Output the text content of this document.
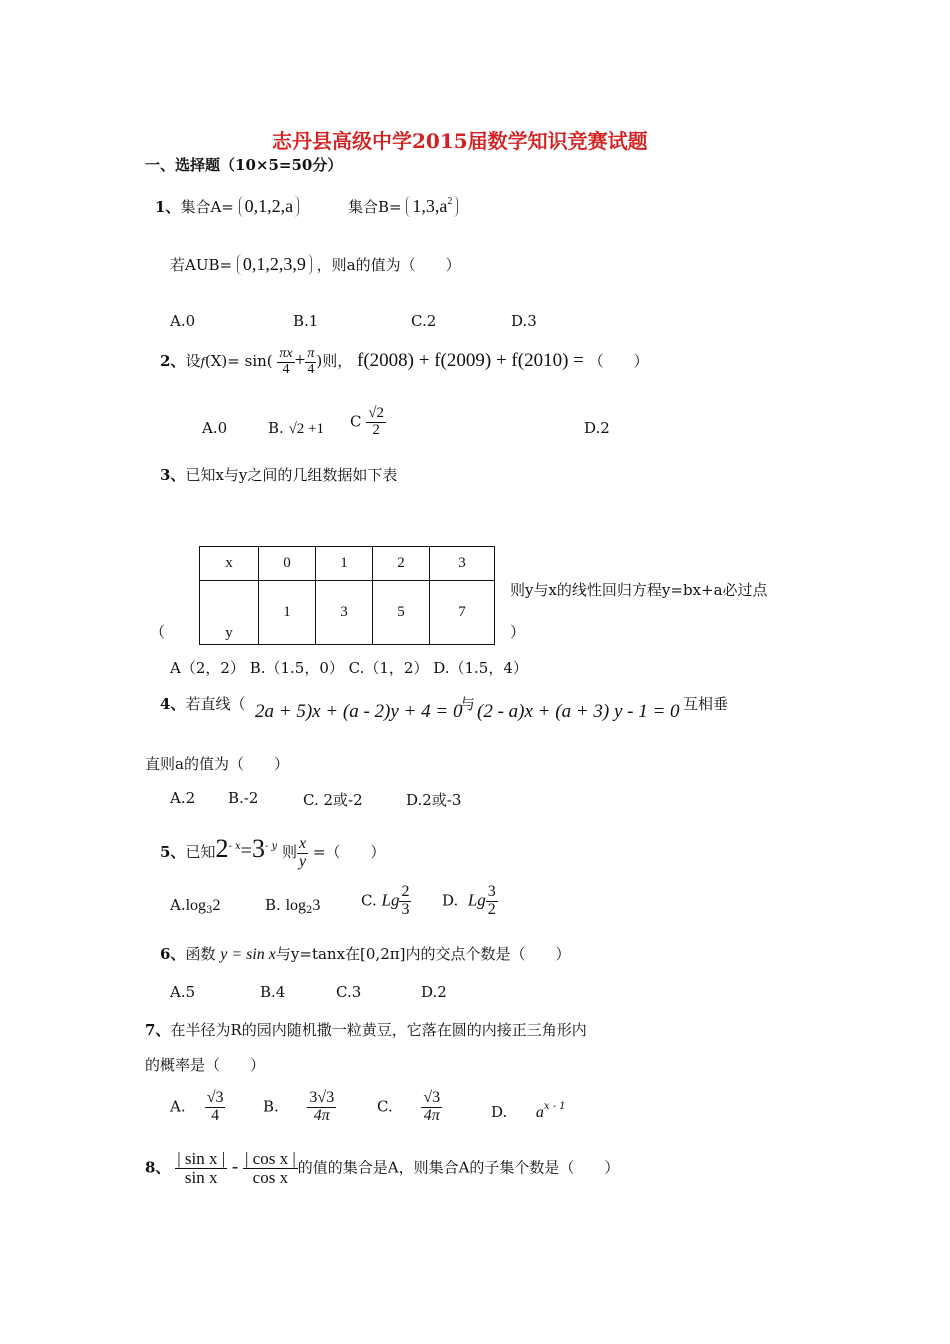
志丹县高级中学2015届数学知识竞赛试题
一、选择题（10×5=50分）
1、集合A= 0,1,2,a	集合$B= 1,3,a^2$
若AUB= 0,1,2,3,9 ，则a的值为（　　）
A.0	B.1	C.2	D.3
2、设$f(X)= \sin( \frac{\pi x}{4} + \frac{\pi}{4}$ )则， f(2008) + f(2009) + f(2010) = （　　）
A.0	B. √2 +1 C $\frac{√2}{2}$	D.2
3、已知x与y之间的几组数据如下表
x	0	1	2	3
y	1	3	5	7
则y与x的线性回归方程y=bx+a必过点
（	）
A（2，2） B.（1.5，0） C.（1，2） D.（1.5，4）
4、若直线（ 2a + 5)x + (a - 2)y + 4 = 0
与 (2 - a)x + (a + 3) y - 1 = 0 互相垂
直则a的值为（　　）
A.2 B.-2	C. 2或-2	D.2或-3
5、已知$2^{- x}=3^{- y}$ 则 $\frac{x}{y}$ =（　　）
$A.\log_32$	B. $\log_23$	C. Lg $\frac{2}{3} D$. Lg $\frac{3}{2}$
6、函数 y = sin x与y=tanx在[0,2π]内的交点个数是（　　）
A.5	B.4	C.3	D.2
7、在半径为R的园内随机撒一粒黄豆，它落在圆的内接正三角形内
的概率是（　　）
A. $\frac{√3}{4}$	B. $\frac{3√3}{4\pi}$	C. $\frac{√3}{4\pi}$	D. $a^{x - 1}$
8、 $\frac{\text{| sin x |}}{\text{sin x}} - \frac{\text{| cos x |}}{\text{cos x}}$ 的值的集合是A，则集合A的子集个数是（　　）
